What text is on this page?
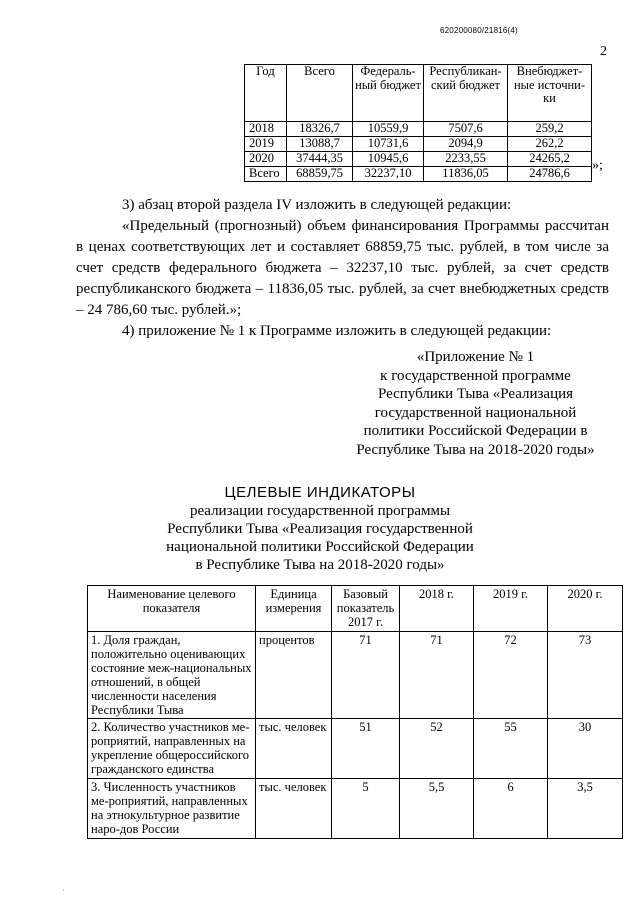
620200080/21816(4)
2
Год	Всего	Федераль-ный бюджет	Республикан-ский бюджет	Внебюджет-ные источни-ки
2018	18326,7	10559,9	7507,6	259,2
2019	13088,7	10731,6	2094,9	262,2
2020	37444,35	10945,6	2233,55	24265,2
Всего	68859,75	32237,10	11836,05	24786,6 »;
3) абзац второй раздела IV изложить в следующей редакции:
«Предельный (прогнозный) объем финансирования Программы рассчитан в ценах соответствующих лет и составляет 68859,75 тыс. рублей, в том числе за счет средств федерального бюджета – 32237,10 тыс. рублей, за счет средств республиканского бюджета – 11836,05 тыс. рублей, за счет внебюджетных средств – 24 786,60 тыс. рублей.»;
4) приложение № 1 к Программе изложить в следующей редакции:
«Приложение № 1
к государственной программе
Республики Тыва «Реализация
государственной национальной
политики Российской Федерации в
Республике Тыва на 2018-2020 годы»
ЦЕЛЕВЫЕ ИНДИКАТОРЫ
реализации государственной программы
Республики Тыва «Реализация государственной
национальной политики Российской Федерации
в Республике Тыва на 2018-2020 годы»
Наименование целевого показателя	Единица измерения	Базовый показатель 2017 г.	2018 г.	2019 г.	2020 г.
1. Доля граждан, положительно оценивающих состояние меж-национальных отношений, в общей численности населения Республики Тыва	процентов	71	71	72	73
2. Количество участников ме-роприятий, направленных на укрепление общероссийского гражданского единства	тыс. человек	51	52	55	30
3. Численность участников ме-роприятий, направленных на этнокультурное развитие наро-дов России	тыс. человек	5	5,5	6	3,5
·
